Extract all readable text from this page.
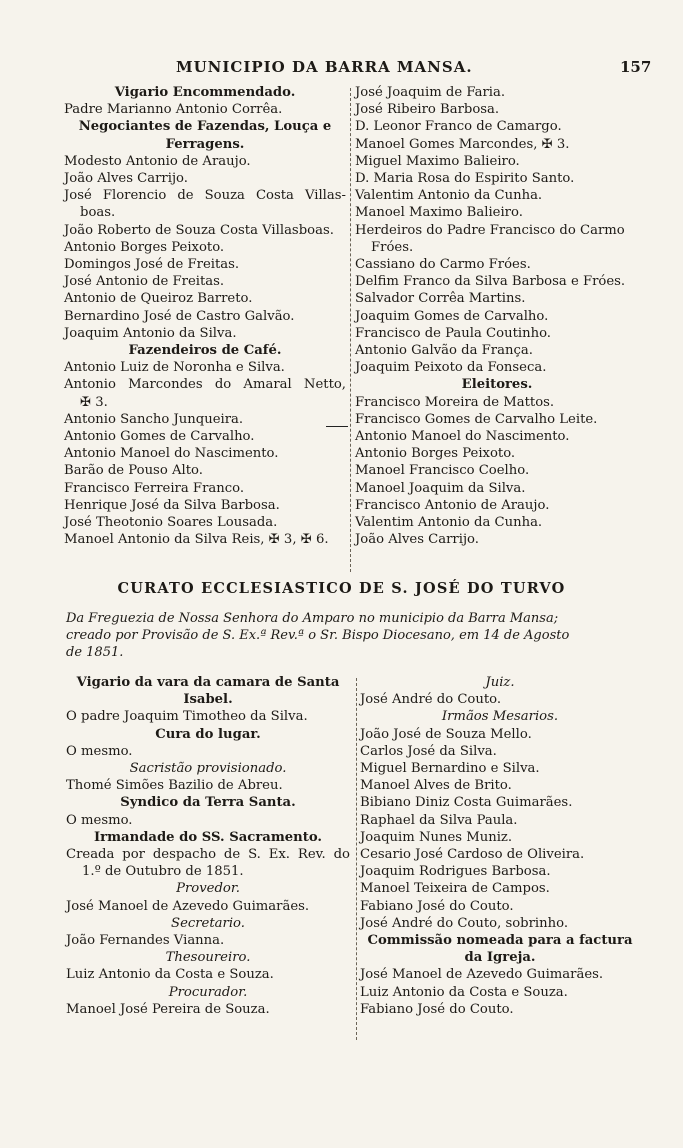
MUNICIPIO DA BARRA MANSA.	157
Vigario Encommendado.
Padre Marianno Antonio Corrêa.
Negociantes de Fazendas, Louça e
Ferragens.
Modesto Antonio de Araujo.
João Alves Carrijo.
José Florencio de Souza Costa Villas-
boas.
João Roberto de Souza Costa Villasboas.
Antonio Borges Peixoto.
Domingos José de Freitas.
José Antonio de Freitas.
Antonio de Queiroz Barreto.
Bernardino José de Castro Galvão.
Joaquim Antonio da Silva.
Fazendeiros de Café.
Antonio Luiz de Noronha e Silva.
Antonio Marcondes do Amaral Netto,
✠ 3.
Antonio Sancho Junqueira.
Antonio Gomes de Carvalho.
Antonio Manoel do Nascimento.
Barão de Pouso Alto.
Francisco Ferreira Franco.
Henrique José da Silva Barbosa.
José Theotonio Soares Lousada.
Manoel Antonio da Silva Reis, ✠ 3, ✠ 6.
José Joaquim de Faria.
José Ribeiro Barbosa.
D. Leonor Franco de Camargo.
Manoel Gomes Marcondes, ✠ 3.
Miguel Maximo Balieiro.
D. Maria Rosa do Espirito Santo.
Valentim Antonio da Cunha.
Manoel Maximo Balieiro.
Herdeiros do Padre Francisco do Carmo
Fróes.
Cassiano do Carmo Fróes.
Delfim Franco da Silva Barbosa e Fróes.
Salvador Corrêa Martins.
Joaquim Gomes de Carvalho.
Francisco de Paula Coutinho.
Antonio Galvão da França.
Joaquim Peixoto da Fonseca.
Eleitores.
Francisco Moreira de Mattos.
Francisco Gomes de Carvalho Leite.
Antonio Manoel do Nascimento.
Antonio Borges Peixoto.
Manoel Francisco Coelho.
Manoel Joaquim da Silva.
Francisco Antonio de Araujo.
Valentim Antonio da Cunha.
João Alves Carrijo.
CURATO ECCLESIASTICO DE S. JOSÉ DO TURVO
Da Freguezia de Nossa Senhora do Amparo no municipio da Barra Mansa;
creado por Provisão de S. Ex.ª Rev.ª o Sr. Bispo Diocesano, em 14 de Agosto
de 1851.
Vigario da vara da camara de Santa
Isabel.
O padre Joaquim Timotheo da Silva.
Cura do lugar.
O mesmo.
Sacristão provisionado.
Thomé Simões Bazilio de Abreu.
Syndico da Terra Santa.
O mesmo.
Irmandade do SS. Sacramento.
Creada por despacho de S. Ex. Rev. do
1.º de Outubro de 1851.
Provedor.
José Manoel de Azevedo Guimarães.
Secretario.
João Fernandes Vianna.
Thesoureiro.
Luiz Antonio da Costa e Souza.
Procurador.
Manoel José Pereira de Souza.
Juiz.
José André do Couto.
Irmãos Mesarios.
João José de Souza Mello.
Carlos José da Silva.
Miguel Bernardino e Silva.
Manoel Alves de Brito.
Bibiano Diniz Costa Guimarães.
Raphael da Silva Paula.
Joaquim Nunes Muniz.
Cesario José Cardoso de Oliveira.
Joaquim Rodrigues Barbosa.
Manoel Teixeira de Campos.
Fabiano José do Couto.
José André do Couto, sobrinho.
Commissão nomeada para a factura
da Igreja.
José Manoel de Azevedo Guimarães.
Luiz Antonio da Costa e Souza.
Fabiano José do Couto.
